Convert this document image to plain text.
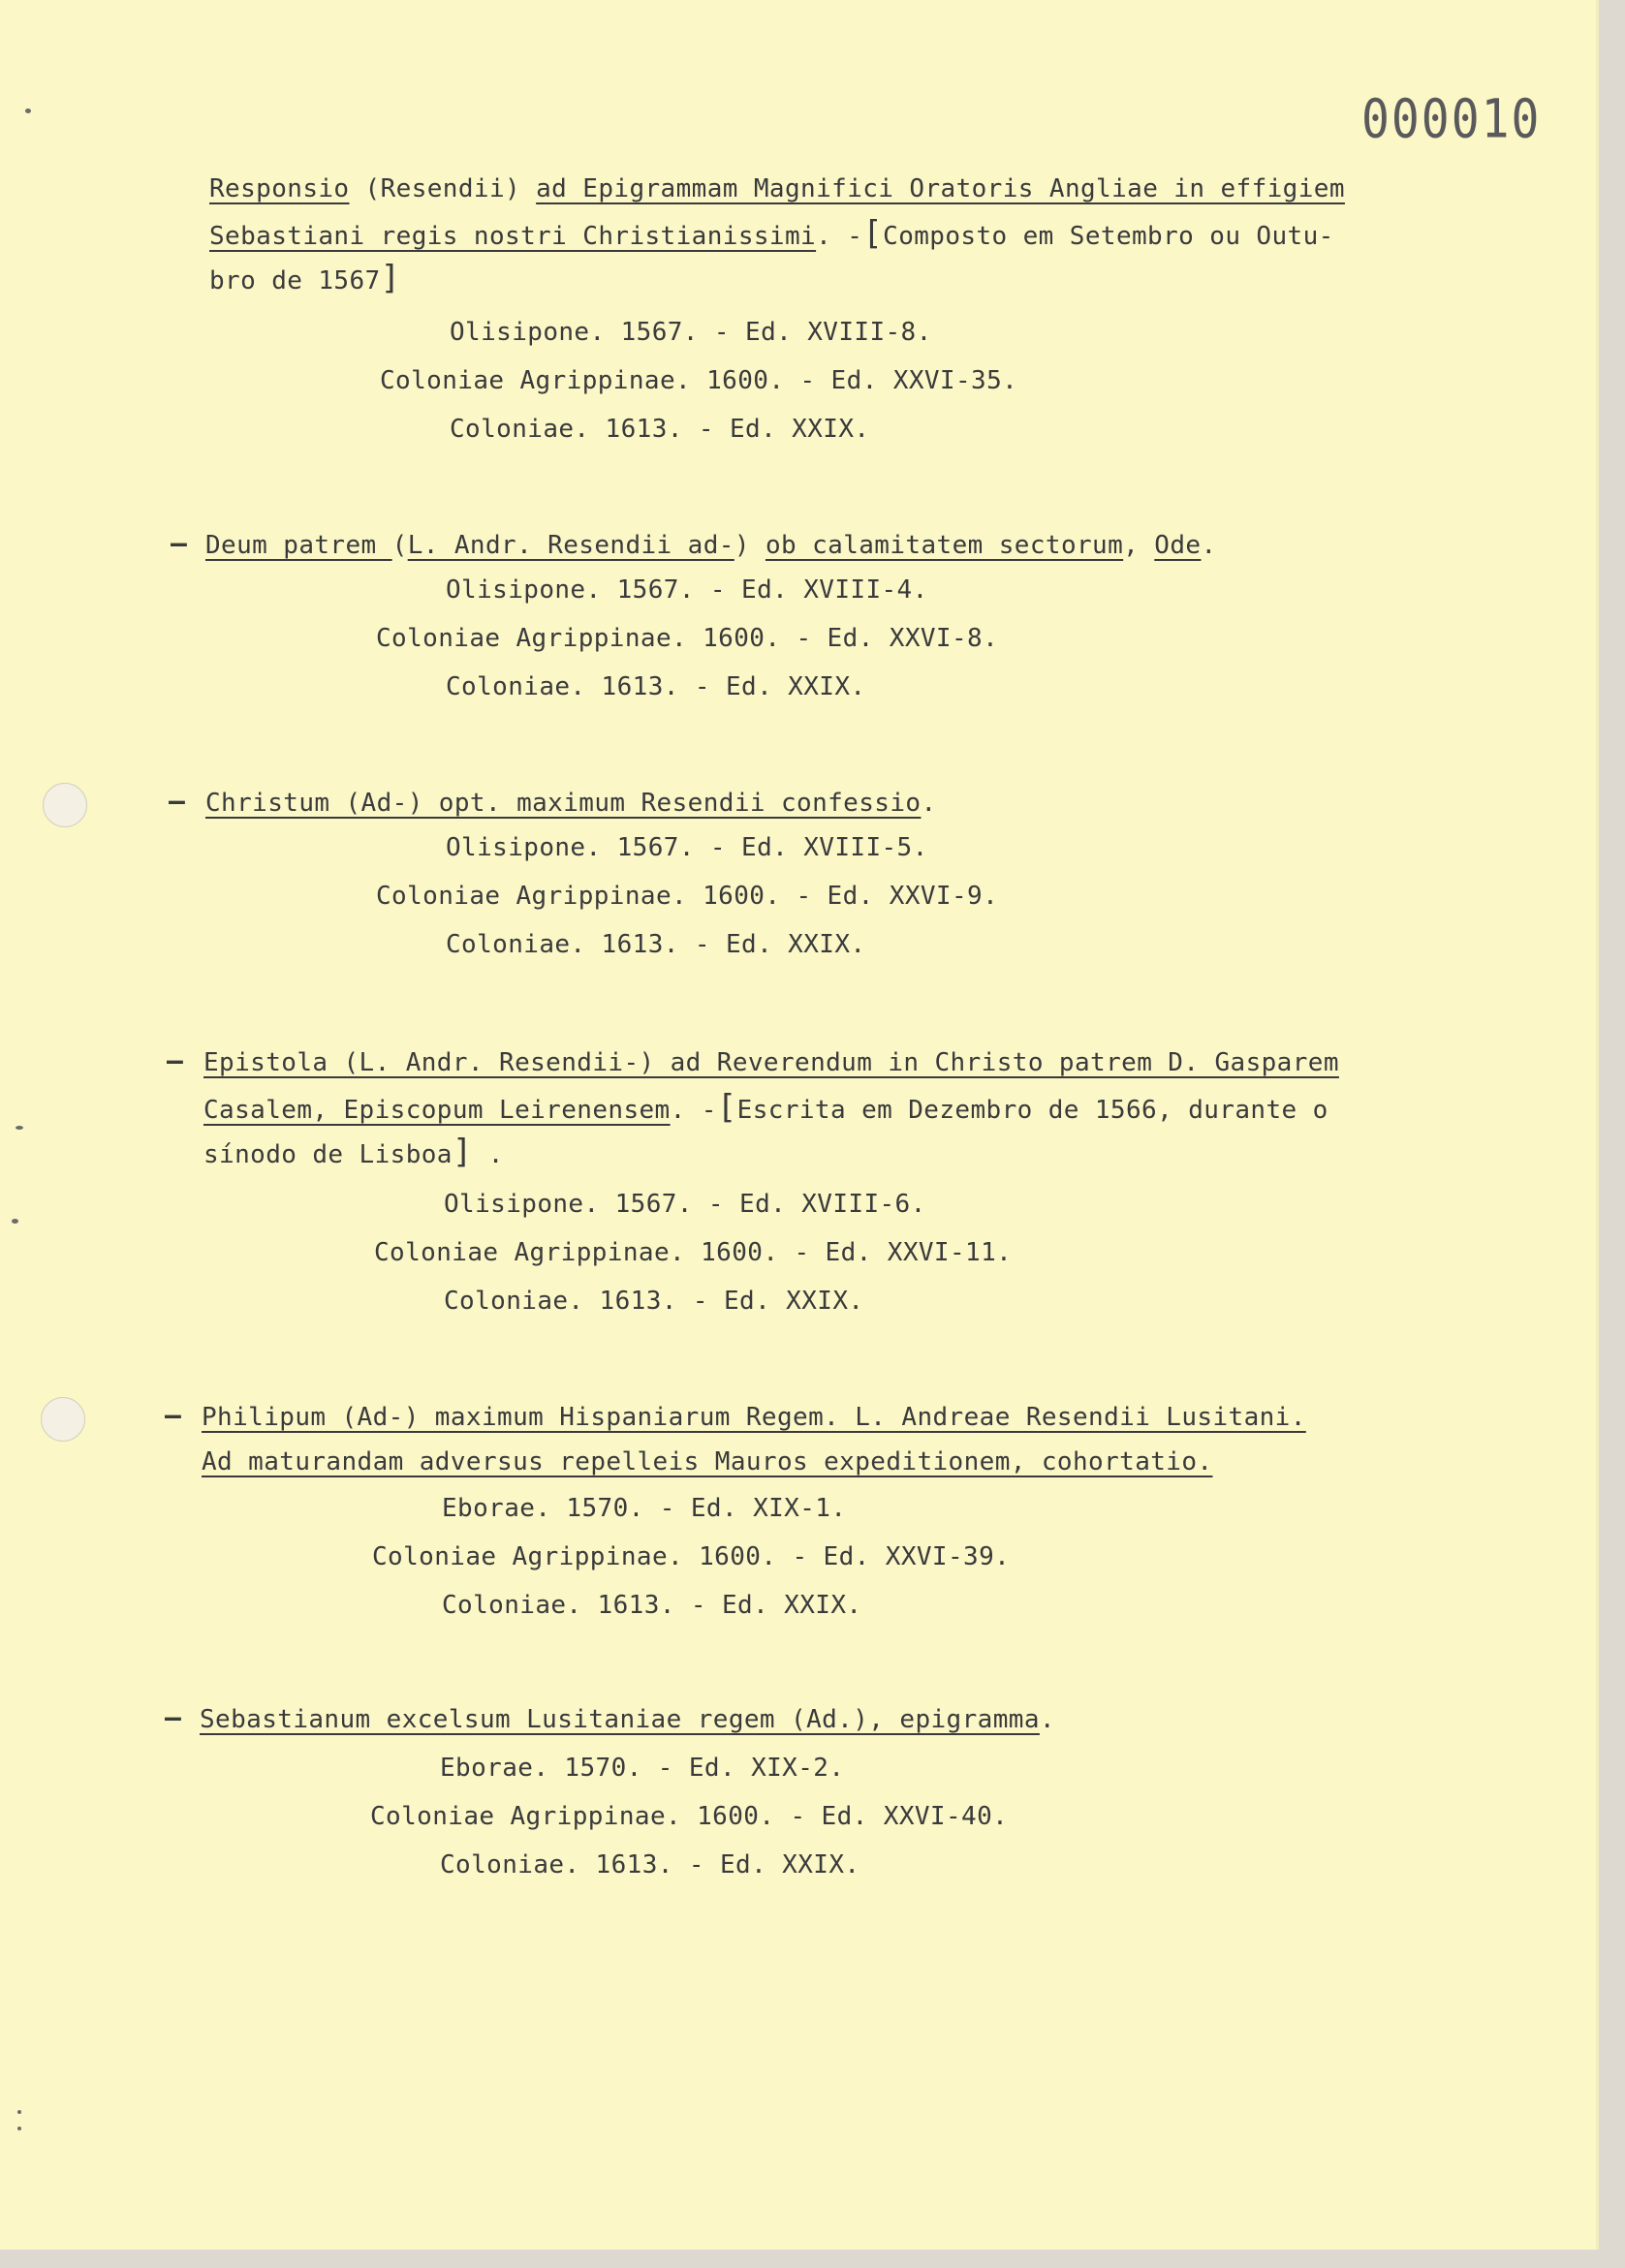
000010
Responsio (Resendii) ad Epigrammam Magnifici Oratoris Angliae in effigiem
Sebastiani regis nostri Christianissimi. -[Composto em Setembro ou Outu-
bro de 1567]
Olisipone. 1567. - Ed. XVIII-8.
Coloniae Agrippinae. 1600. - Ed. XXVI-35.
Coloniae. 1613. - Ed. XXIX.
– Deum patrem (L. Andr. Resendii ad-) ob calamitatem sectorum, Ode.
Olisipone. 1567. - Ed. XVIII-4.
Coloniae Agrippinae. 1600. - Ed. XXVI-8.
Coloniae. 1613. - Ed. XXIX.
– Christum (Ad-) opt. maximum Resendii confessio.
Olisipone. 1567. - Ed. XVIII-5.
Coloniae Agrippinae. 1600. - Ed. XXVI-9.
Coloniae. 1613. - Ed. XXIX.
– Epistola (L. Andr. Resendii-) ad Reverendum in Christo patrem D. Gasparem
Casalem, Episcopum Leirenensem. -[Escrita em Dezembro de 1566, durante o
sínodo de Lisboa] .
Olisipone. 1567. - Ed. XVIII-6.
Coloniae Agrippinae. 1600. - Ed. XXVI-11.
Coloniae. 1613. - Ed. XXIX.
– Philipum (Ad-) maximum Hispaniarum Regem. L. Andreae Resendii Lusitani.
Ad maturandam adversus repelleis Mauros expeditionem, cohortatio.
Eborae. 1570. - Ed. XIX-1.
Coloniae Agrippinae. 1600. - Ed. XXVI-39.
Coloniae. 1613. - Ed. XXIX.
– Sebastianum excelsum Lusitaniae regem (Ad.), epigramma.
Eborae. 1570. - Ed. XIX-2.
Coloniae Agrippinae. 1600. - Ed. XXVI-40.
Coloniae. 1613. - Ed. XXIX.
